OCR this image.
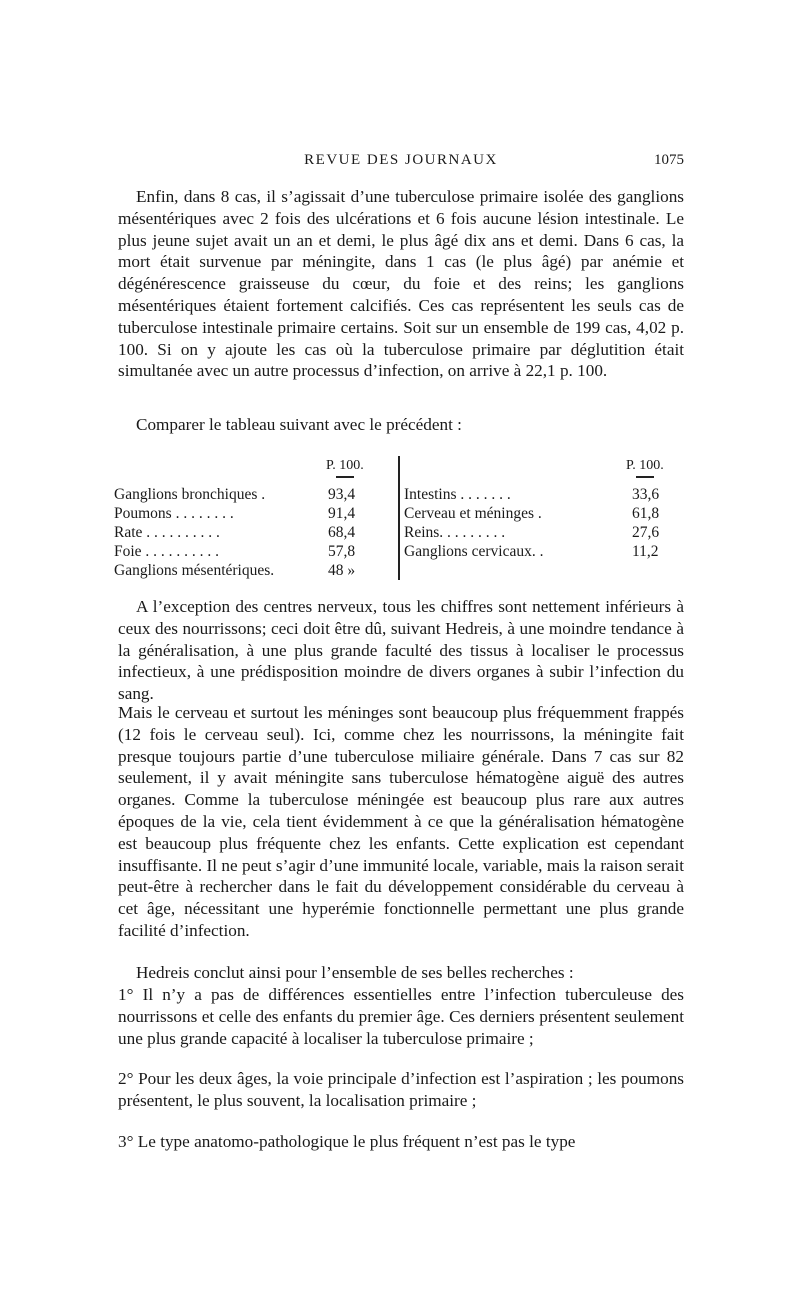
REVUE DES JOURNAUX	1075

Enfin, dans 8 cas, il s’agissait d’une tuberculose primaire isolée des ganglions mésentériques avec 2 fois des ulcérations et 6 fois aucune lésion intestinale. Le plus jeune sujet avait un an et demi, le plus âgé dix ans et demi. Dans 6 cas, la mort était survenue par méningite, dans 1 cas (le plus âgé) par anémie et dégénérescence graisseuse du cœur, du foie et des reins; les ganglions mésentériques étaient fortement calcifiés. Ces cas représentent les seuls cas de tuberculose intestinale primaire certains. Soit sur un ensemble de 199 cas, 4,02 p. 100. Si on y ajoute les cas où la tuberculose primaire par déglutition était simultanée avec un autre processus d’infection, on arrive à 22,1 p. 100.

Comparer le tableau suivant avec le précédent :

P. 100.
Ganglions bronchiques .	93,4
Poumons . . . . . . . .	91,4
Rate . . . . . . . . . .	68,4
Foie . . . . . . . . . .	57,8
Ganglions mésentériques.	48 »
P. 100.
Intestins . . . . . . .	33,6
Cerveau et méninges .	61,8
Reins. . . . . . . . .	27,6
Ganglions cervicaux. .	11,2

A l’exception des centres nerveux, tous les chiffres sont nettement inférieurs à ceux des nourrissons; ceci doit être dû, suivant Hedreis, à une moindre tendance à la généralisation, à une plus grande faculté des tissus à localiser le processus infectieux, à une prédisposition moindre de divers organes à subir l’infection du sang.

Mais le cerveau et surtout les méninges sont beaucoup plus fréquemment frappés (12 fois le cerveau seul). Ici, comme chez les nourrissons, la méningite fait presque toujours partie d’une tuberculose miliaire générale. Dans 7 cas sur 82 seulement, il y avait méningite sans tuberculose hématogène aiguë des autres organes. Comme la tuberculose méningée est beaucoup plus rare aux autres époques de la vie, cela tient évidemment à ce que la généralisation hématogène est beaucoup plus fréquente chez les enfants. Cette explication est cependant insuffisante. Il ne peut s’agir d’une immunité locale, variable, mais la raison serait peut-être à rechercher dans le fait du développement considérable du cerveau à cet âge, nécessitant une hyperémie fonctionnelle permettant une plus grande facilité d’infection.

Hedreis conclut ainsi pour l’ensemble de ses belles recherches :

1° Il n’y a pas de différences essentielles entre l’infection tuberculeuse des nourrissons et celle des enfants du premier âge. Ces derniers présentent seulement une plus grande capacité à localiser la tuberculose primaire ;

2° Pour les deux âges, la voie principale d’infection est l’aspiration ; les poumons présentent, le plus souvent, la localisation primaire ;

3° Le type anatomo-pathologique le plus fréquent n’est pas le type
